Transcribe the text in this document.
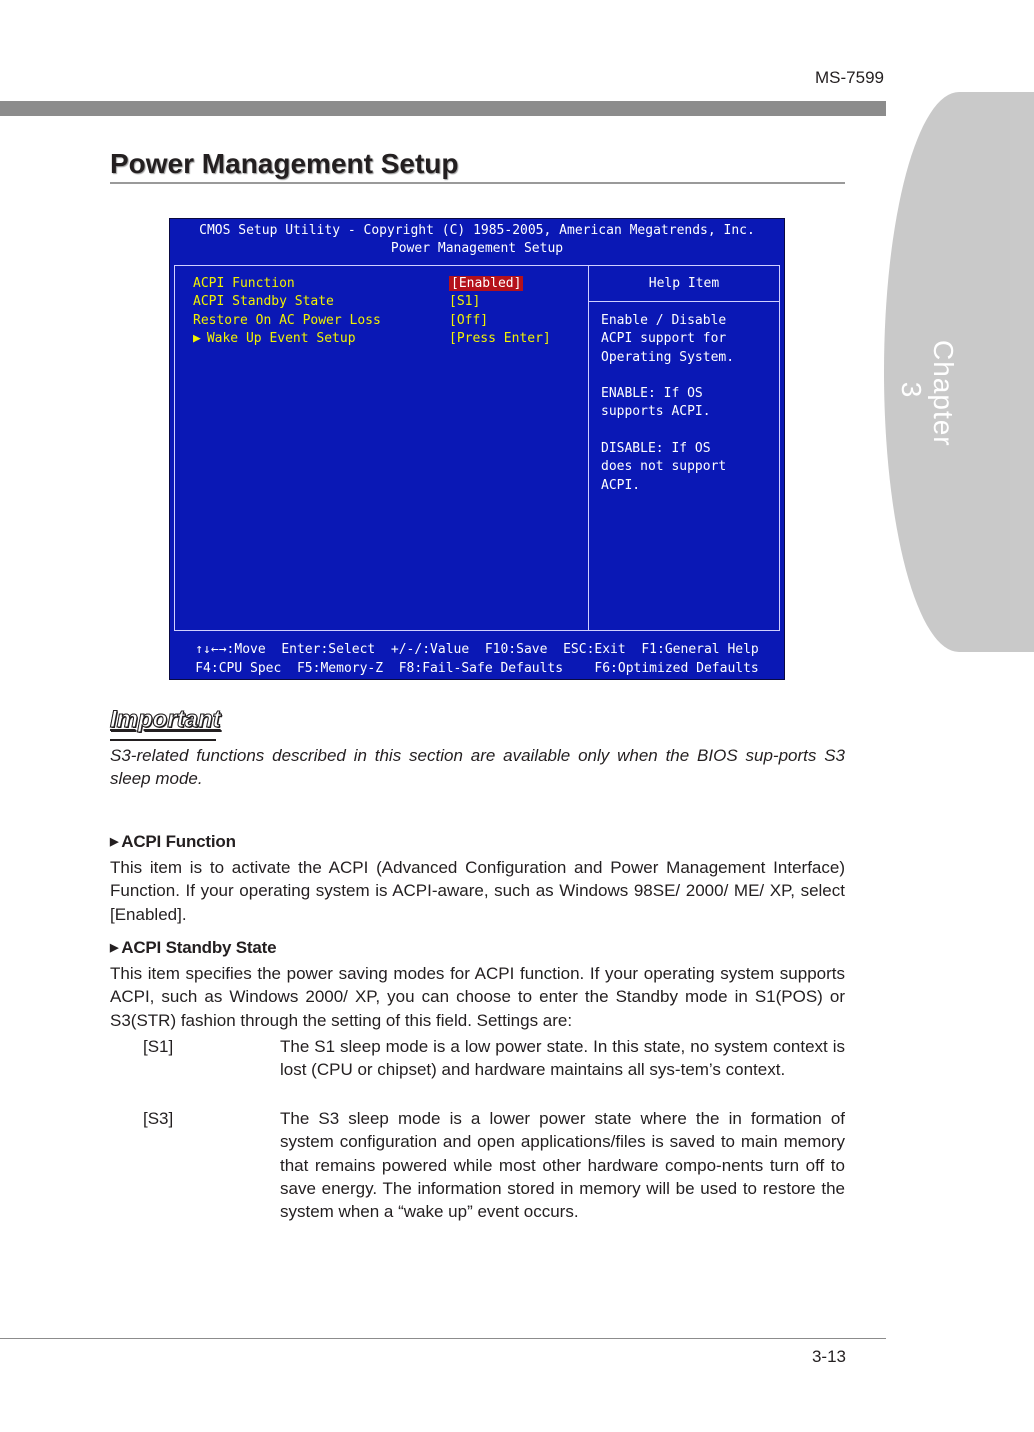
MS-7599
Chapter 3
Power Management Setup
CMOS Setup Utility - Copyright (C) 1985-2005, American Megatrends, Inc.
Power Management Setup
ACPI Function	[Enabled]
ACPI Standby State	[S1]
Restore On AC Power Loss	[Off]
▶ Wake Up Event Setup	[Press Enter]
Help Item
Enable / Disable
ACPI support for
Operating System.
ENABLE: If OS
supports ACPI.
DISABLE: If OS
does not support
ACPI.
↑↓←→:Move  Enter:Select  +/-/:Value  F10:Save  ESC:Exit  F1:General Help
F4:CPU Spec  F5:Memory-Z  F8:Fail-Safe Defaults    F6:Optimized Defaults
Important

S3-related functions described in this section are available only when the BIOS sup-ports S3 sleep mode.

▶ ACPI Function

This item is to activate the ACPI (Advanced Configuration and Power Management Interface) Function. If your operating system is ACPI-aware, such as Windows 98SE/ 2000/ ME/ XP, select [Enabled].

▶ ACPI Standby State

This item specifies the power saving modes for ACPI function. If your operating system supports ACPI, such as Windows 2000/ XP, you can choose to enter the Standby mode in S1(POS) or S3(STR) fashion through the setting of this field. Settings are:

[S1]	The S1 sleep mode is a low power state. In this state, no system context is lost (CPU or chipset) and hardware maintains all sys-tem’s context.

[S3]	The S3 sleep mode is a lower power state where the in formation of system configuration and open applications/files is saved to main memory that remains powered while most other hardware compo-nents turn off to save energy. The information stored in memory will be used to restore the system when a “wake up” event occurs.

3-13
